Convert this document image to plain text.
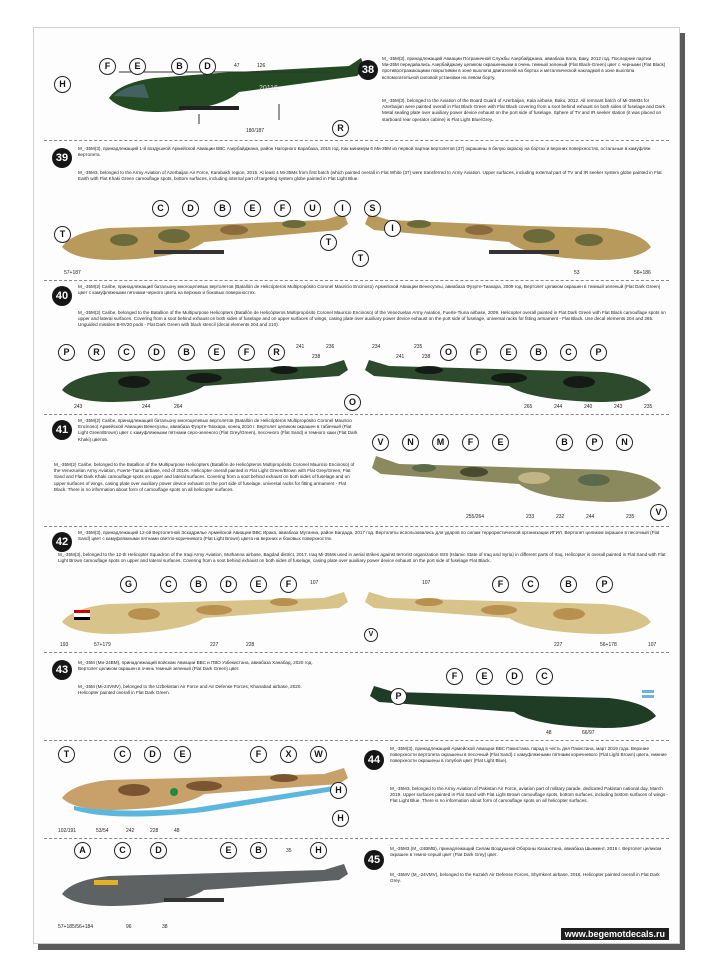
20116
H
F	E	B	D
R
47	126
180/187
38
М_-35М(3), принадлежащий Авиации Пограничной Службы Азербайджана, авиабаза Кала, Баку, 2012 год. Последние партии Ми-35М передавались Азербайджану целиком окрашенными в очень темный зеленый (Flat Black-Green) цвет с черными (Flat Black) противоотражающими покрытиями в зоне выхлопа двигателей на бортах и металлической накладкой в зоне выхлопа вспомогательной силовой установки на левом борту.
M_-35M(3), belonged to the Aviation of the Board Guard of Azerbaijan, Kala airbase, Baku, 2012. All remnant batch of Mi-35M3s for Azerbaijan were painted overall in Flat Black Green with Flat Black covering from a soot behind exhaust on both sides of fuselage and Dark Metal sealing plate over auxiliary power device exhaust on the port side of fuselage. Sphere of TV and IR seeker station (it was placed on starboard rear operator cabine) is Flat Light Blue/Grey.
39
М_-35М(3), принадлежащий 1-й воздушной Армейской Авиации ВВС Азербайджана, район Нагорного Карабаха, 2015 год. Как минимум 6 Ми-35М из первой партии вертолетов (37) окрашены в белую окраску на бортах и верхних поверхностях, остальные в камуфляж вертолета.
M_-35M3, belonged to the Army Aviation of Azerbaijan Air Force, Karabakh region, 2015. At least 4 Mi-35Ms from first batch (which painted overall in Flat White (37) were transferred to Army Aviation. Upper surfaces, including external part of TV and IR seeker system globe painted in Flat Earth with Flat Khaki Green camouflage spots, bottom surfaces, including internal part of targeting system globe painted in Flat Light Blue.
T
C	D	B	E	F	U	I	S
T
T
I
57+187	53	56+186
40
М_-35М(2) Caribe, принадлежащий батальону многоцелевых вертолетов (Batallón de Helicópteros Multipropósito Coronel Mauricio Encinoso) Армейской Авиации Венесуэлы, авиабаза Фуэрте-Тиахара, 2009 год. Вертолет целиком окрашен в темный зеленый (Flat Dark Green) цвет с камуфляжными пятнами черного цвета на верхних и боковых поверхностях.
M_-35M(2) Caribe, belonged to the Batallion of the Multipurpose Helicopters (Batallón de Helicópteros Multipropósito Coronel Mauricio Encinoso) of the Venezuelan Army Aviation, Fuerte-Tiuna airbase, 2009. Helicopter overall painted in Flat Dark Green with Flat Black camouflage spots on upper and lateral surfaces. Covering from a soot behind exhaust on both sides of fuselage and on upper surfaces of wings, casing plate over auxiliary power device exhaust on the port side of fuselage, universal racks for fitting armament - Flat Black. Use decal elements 204 and 265. Unguided missiles B-8V20 pods - Flat Dark Green with black stencil (decal elements 204 and 210).
P	R	C	D	B	E	F	R
O
O	F	E	B	C	P
241	236
238
234
243	244	264
235
241	238
265	244	240	243	235
41
М_-35М(2) Caribe, принадлежащий батальону многоцелевых вертолетов (Batallón de Helicópteros Multipropósito Coronel Mauricio Encinoso) Армейской Авиации Венесуэлы, авиабаза Фуэрте-Тиахара, конец 2010 г. Вертолет целиком окрашен в табачный (Flat Light Green/Brown) цвет с камуфляжными пятнами серо-зеленого (Flat Grey/Green), песочного (Flat Sand) и темного хаки (Flat Dark Khaki) цветов.
M_-35M(2) Caribe, belonged to the Batallion of the Multipurpose Helicopters (Batallón de Helicópteros Multipropósito Coronel Mauricio Encinoso) of the Venezuelan Army Aviation, Fuerte-Tiuna airbase, end of 2010s. Helicopter overall painted in Flat Light Green/Brown with Flat Grey/Green, Flat Sand and Flat Dark Khaki camouflage spots on upper and lateral surfaces. Covering from a soot behind exhaust on both sides of fuselage and on upper surfaces of wings, casing plate over auxiliary power device exhaust on the port side of fuselage, universal racks for fitting armament - Flat Black. There is no information about form of camouflage spots on all helicopter surfaces.
V	N	M	F	E	B	P	N
V
255/264	233	232	244	235
42
М_-35М(3), принадлежащий 12-ой Вертолетной Эскадрилье Армейской Авиации ВВС Ирака, авиабаза Мутанна, район Багдада, 2017 год. Вертолеты использовались для ударов по силам террористической организации ИГИЛ. Вертолет целиком окрашен в песочный (Flat Sand) цвет с камуфляжными пятнами светло-коричневого (Flat Light Brown) цвета на верхних и боковых поверхностях.
M_-35M(3), belonged to the 12-th Helicopter Squadron of the Iraqi Army Aviation, Muthanna airbase, Bagdad district, 2017. Iraq Mi-35Ms used in aerial strikes against terrorist organization ISIS (Islamic State of Iraq and Syria) in different parts of Iraq. Helicopter is overall painted in Flat Sand with Flat Light Brown camouflage spots on upper and lateral surfaces. Covering from a soot behind exhaust on both sides of fuselage, casing plate over auxiliary power device exhaust on the port side of fuselage Flat Black.
G	C	B	D	E	F	F	C	B	P
107	107
193	57+179	227	228	227	56+178	107
V
43
М_-35М (Ми-24ВМ), принадлежащий войскам Авиации ВВС и ПВО Узбекистана, авиабаза Ханабад, 2020 год. Вертолет целиком окрашен в очень темный зеленый (Flat Dark Green) цвет.
M_-35M (Mi-24VMV), belonged to the Uzbekistan Air Force and Air Defense Forces, Khanabad airbase, 2020. Helicopter painted overall in Flat Dark Green.	P
F	E	D	C
48	66/97
T	C	D	E	F	X	W
H
H
102/191	53/54	242	228	48
44
М_-35М(3), принадлежащий Армейской Авиации ВВС Пакистана, парад в честь дня Пакистана, март 2019 года. Верхние поверхности вертолета окрашены в песочный (Flat Sand) с камуфляжными пятнами коричневого (Flat Light Brown) цвета, нижние поверхности окрашены в голубой цвет (Flat Light Blue).
M_-35M3, belonged to the Army Aviation of Pakistan Air Force, aviation part of military parade, dedicated Pakistan national day, March 2019. Upper surfaces painted in Flat Sand with Flat Light Brown camouflage spots, bottom surfaces, including bottom surfaces of wings - Flat Light Blue. There is no information about form of camouflage spots on all helicopter surfaces.
A	C	D	E	B	H
35
57+185/56+184	96	38
45
М_-35М3 (М_-24ВМВ), принадлежащий Силам Воздушной Обороны Казахстана, авиабаза Шымкент, 2016 г. Вертолет целиком окрашен в темно-серый цвет (Flat Dark Grey) цвет.
M_-35MV (M_-24VMV), belonged to the Kazakh Air Defense Forces, Shymkent airbase, 2016. Helicopter painted overall in Flat Dark Grey.
www.begemotdecals.ru
